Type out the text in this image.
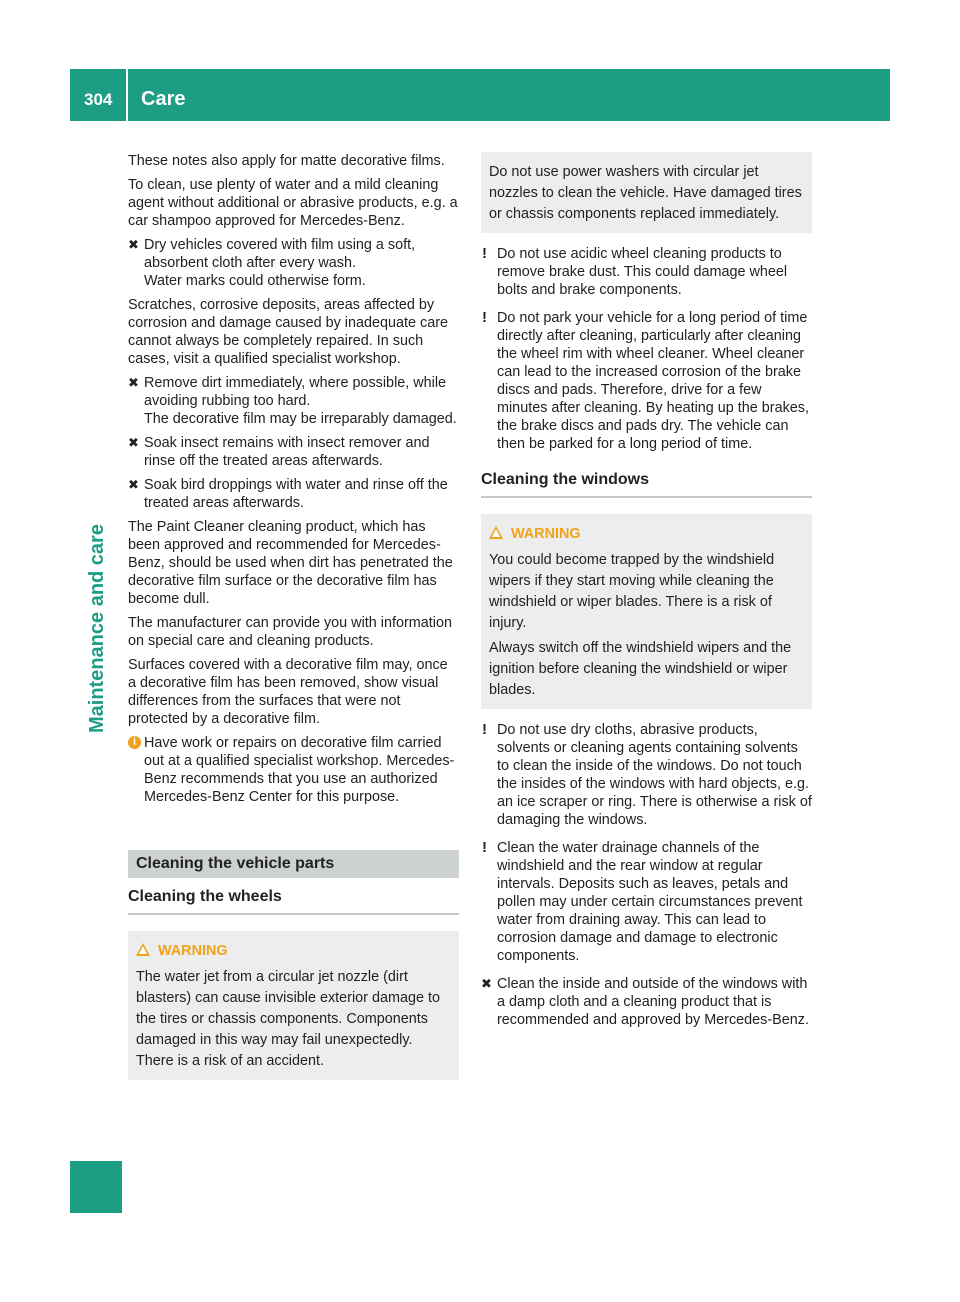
304 Care
Maintenance and care

These notes also apply for matte decorative films.

To clean, use plenty of water and a mild cleaning agent without additional or abrasive products, e.g. a car shampoo approved for Mercedes-Benz.

✖ Dry vehicles covered with film using a soft, absorbent cloth after every wash.
Water marks could otherwise form.

Scratches, corrosive deposits, areas affected by corrosion and damage caused by inadequate care cannot always be completely repaired. In such cases, visit a qualified specialist workshop.

✖ Remove dirt immediately, where possible, while avoiding rubbing too hard.
The decorative film may be irreparably damaged.
✖ Soak insect remains with insect remover and rinse off the treated areas afterwards.
✖ Soak bird droppings with water and rinse off the treated areas afterwards.

The Paint Cleaner cleaning product, which has been approved and recommended for Mercedes-Benz, should be used when dirt has penetrated the decorative film surface or the decorative film has become dull.

The manufacturer can provide you with information on special care and cleaning products.

Surfaces covered with a decorative film may, once a decorative film has been removed, show visual differences from the surfaces that were not protected by a decorative film.

i Have work or repairs on decorative film carried out at a qualified specialist workshop. Mercedes-Benz recommends that you use an authorized Mercedes-Benz Center for this purpose.
Cleaning the vehicle parts
Cleaning the wheels
WARNING
The water jet from a circular jet nozzle (dirt blasters) can cause invisible exterior damage to the tires or chassis components. Components damaged in this way may fail unexpectedly. There is a risk of an accident.
Do not use power washers with circular jet nozzles to clean the vehicle. Have damaged tires or chassis components replaced immediately.
! Do not use acidic wheel cleaning products to remove brake dust. This could damage wheel bolts and brake components.
! Do not park your vehicle for a long period of time directly after cleaning, particularly after cleaning the wheel rim with wheel cleaner. Wheel cleaner can lead to the increased corrosion of the brake discs and pads. Therefore, drive for a few minutes after cleaning. By heating up the brakes, the brake discs and pads dry. The vehicle can then be parked for a long period of time.
Cleaning the windows
WARNING
You could become trapped by the windshield wipers if they start moving while cleaning the windshield or wiper blades. There is a risk of injury.
Always switch off the windshield wipers and the ignition before cleaning the windshield or wiper blades.
! Do not use dry cloths, abrasive products, solvents or cleaning agents containing solvents to clean the inside of the windows. Do not touch the insides of the windows with hard objects, e.g. an ice scraper or ring. There is otherwise a risk of damaging the windows.
! Clean the water drainage channels of the windshield and the rear window at regular intervals. Deposits such as leaves, petals and pollen may under certain circumstances prevent water from draining away. This can lead to corrosion damage and damage to electronic components.
✖ Clean the inside and outside of the windows with a damp cloth and a cleaning product that is recommended and approved by Mercedes-Benz.
